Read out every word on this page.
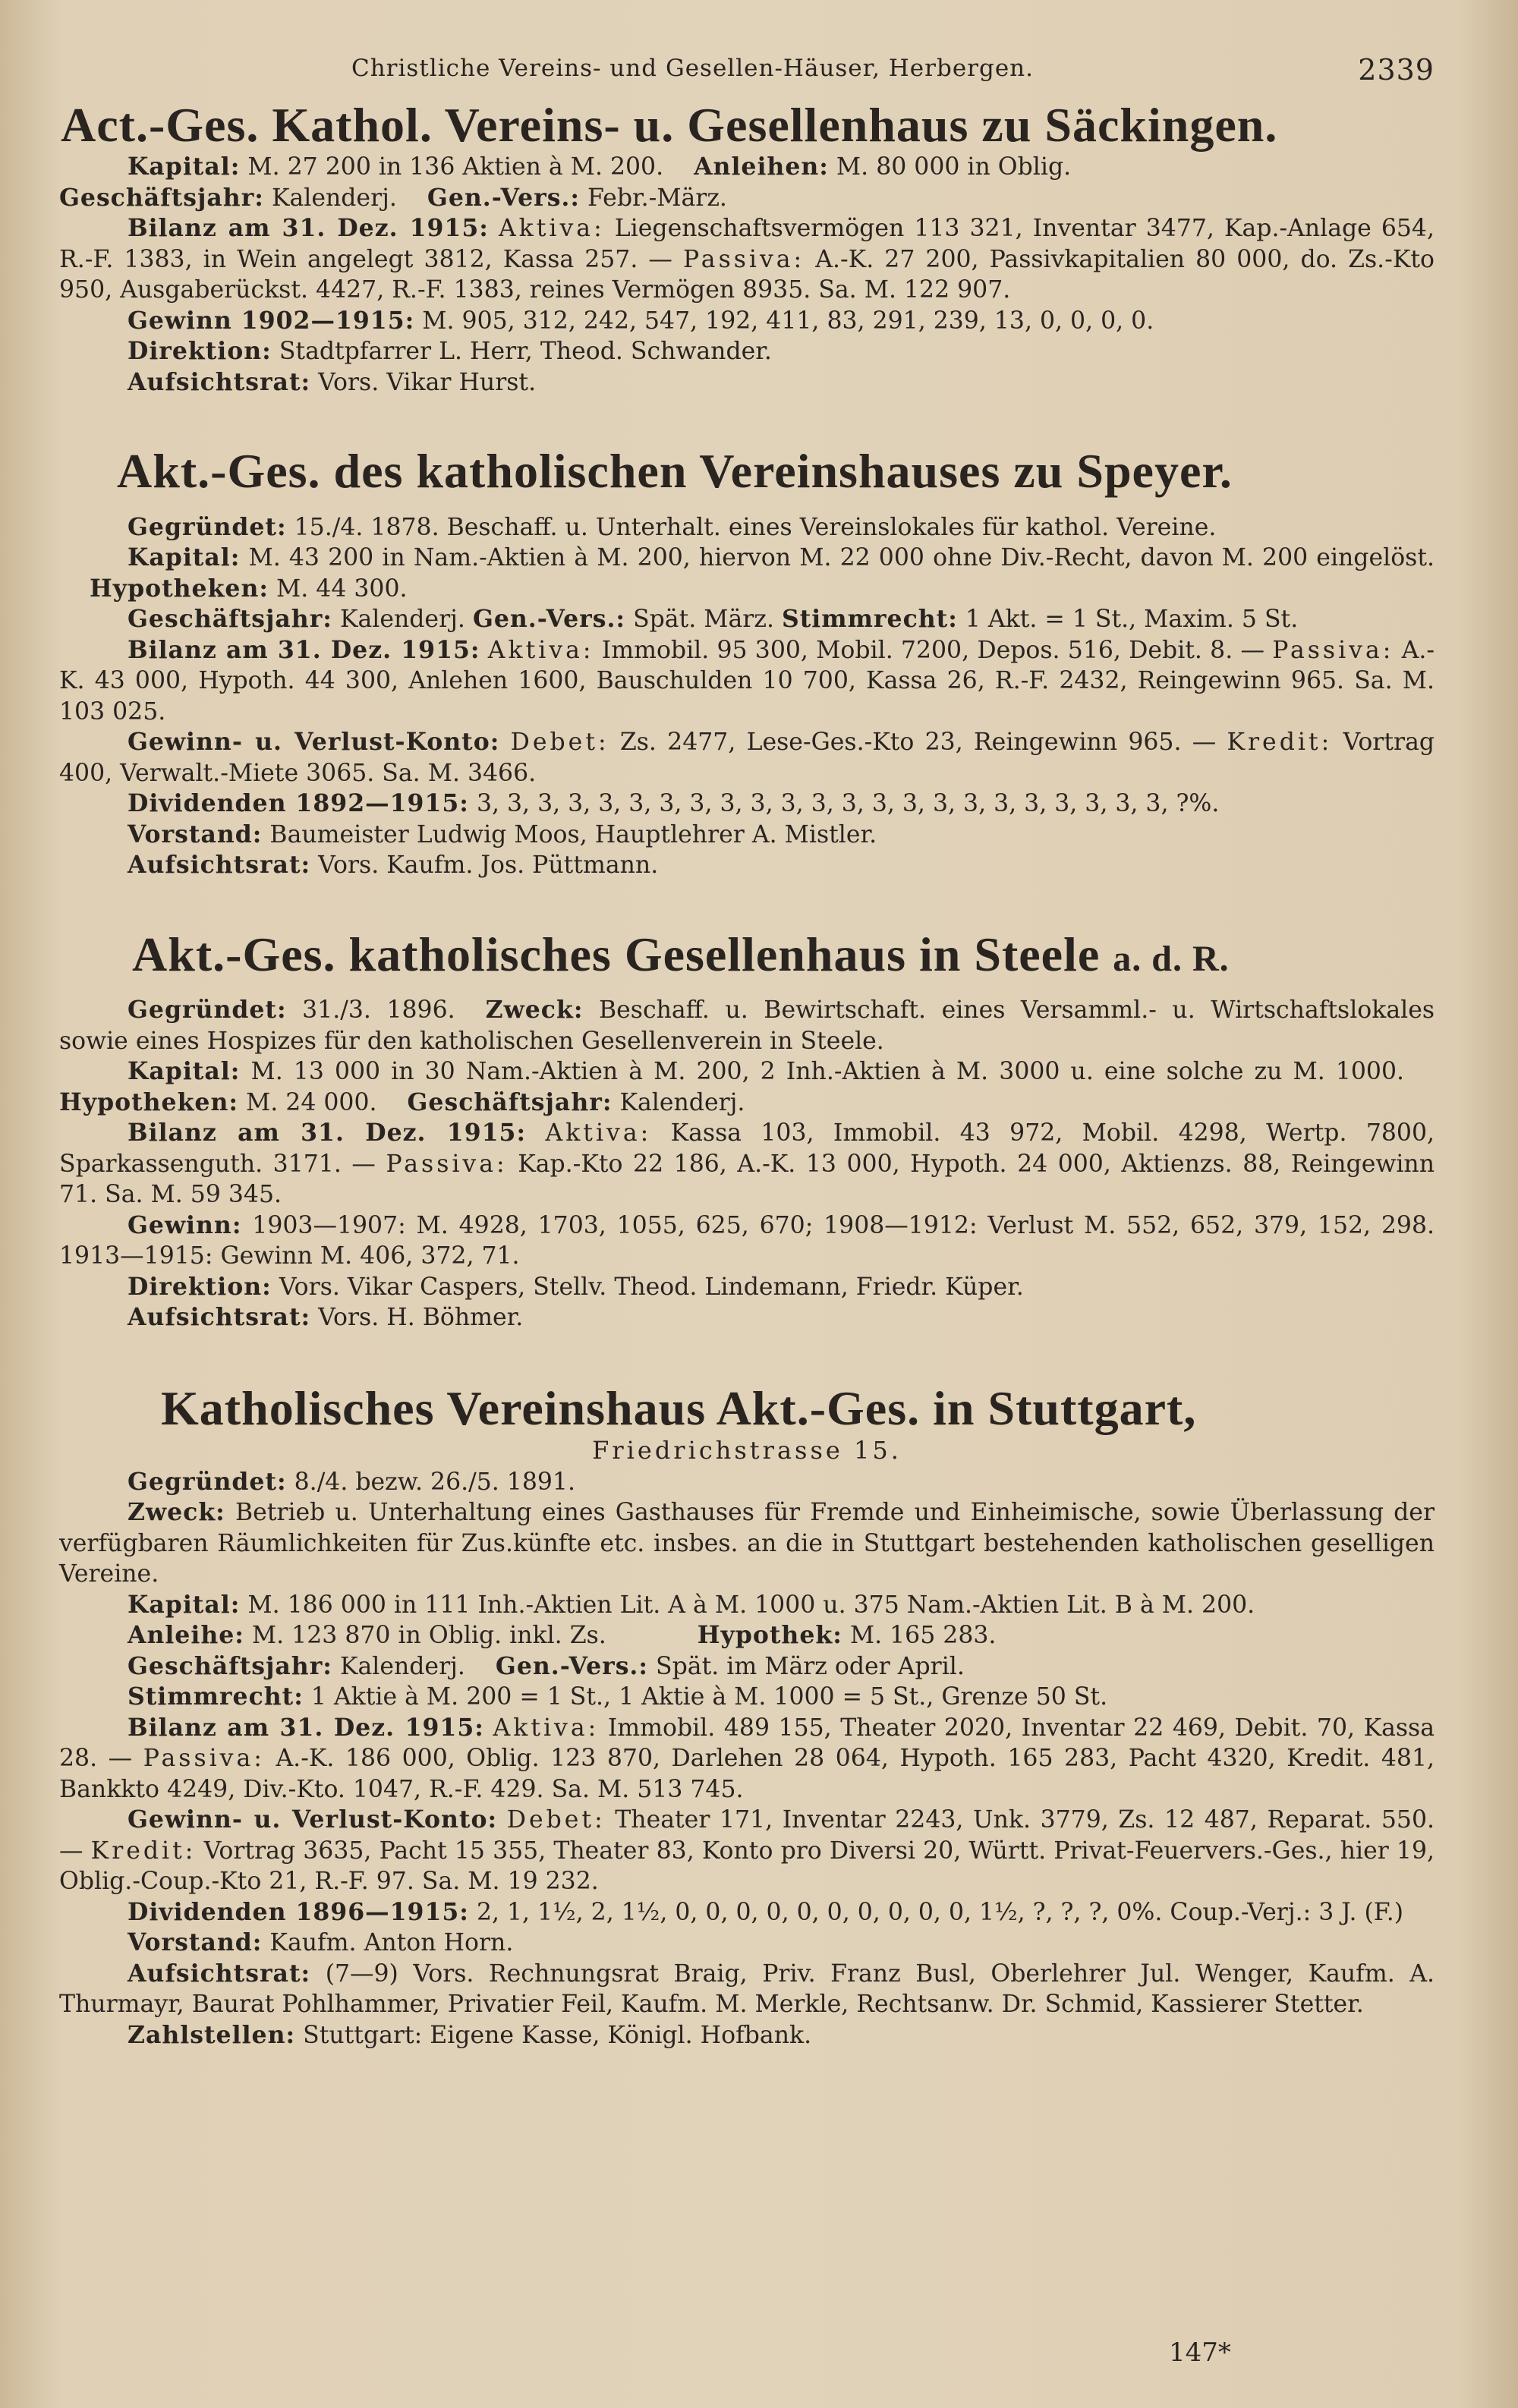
Christliche Vereins- und Gesellen-Häuser, Herbergen.	2339
Act.-Ges. Kathol. Vereins- u. Gesellenhaus zu Säckingen.

Kapital: M. 27 200 in 136 Aktien à M. 200. Anleihen: M. 80 000 in Oblig.
Geschäftsjahr: Kalenderj. Gen.-Vers.: Febr.-März.

Bilanz am 31. Dez. 1915: Aktiva: Liegenschaftsvermögen 113 321, Inventar 3477, Kap.-Anlage 654, R.-F. 1383, in Wein angelegt 3812, Kassa 257. — Passiva: A.-K. 27 200, Passivkapitalien 80 000, do. Zs.-Kto 950, Ausgaberückst. 4427, R.-F. 1383, reines Vermögen 8935. Sa. M. 122 907.

Gewinn 1902—1915: M. 905, 312, 242, 547, 192, 411, 83, 291, 239, 13, 0, 0, 0, 0.

Direktion: Stadtpfarrer L. Herr, Theod. Schwander.

Aufsichtsrat: Vors. Vikar Hurst.

Akt.-Ges. des katholischen Vereinshauses zu Speyer.

Gegründet: 15./4. 1878. Beschaff. u. Unterhalt. eines Vereinslokales für kathol. Vereine.

Kapital: M. 43 200 in Nam.-Aktien à M. 200, hiervon M. 22 000 ohne Div.-Recht, davon M. 200 eingelöst.Hypotheken: M. 44 300.

Geschäftsjahr: Kalenderj. Gen.-Vers.: Spät. März. Stimmrecht: 1 Akt. = 1 St., Maxim. 5 St.

Bilanz am 31. Dez. 1915: Aktiva: Immobil. 95 300, Mobil. 7200, Depos. 516, Debit. 8. — Passiva: A.-K. 43 000, Hypoth. 44 300, Anlehen 1600, Bauschulden 10 700, Kassa 26, R.-F. 2432, Reingewinn 965. Sa. M. 103 025.

Gewinn- u. Verlust-Konto: Debet: Zs. 2477, Lese-Ges.-Kto 23, Reingewinn 965. — Kredit: Vortrag 400, Verwalt.-Miete 3065. Sa. M. 3466.

Dividenden 1892—1915: 3, 3, 3, 3, 3, 3, 3, 3, 3, 3, 3, 3, 3, 3, 3, 3, 3, 3, 3, 3, 3, 3, 3, ?%.

Vorstand: Baumeister Ludwig Moos, Hauptlehrer A. Mistler.

Aufsichtsrat: Vors. Kaufm. Jos. Püttmann.

Akt.-Ges. katholisches Gesellenhaus in Steele a. d. R.

Gegründet: 31./3. 1896. Zweck: Beschaff. u. Bewirtschaft. eines Versamml.- u. Wirtschaftslokales sowie eines Hospizes für den katholischen Gesellenverein in Steele.

Kapital: M. 13 000 in 30 Nam.-Aktien à M. 200, 2 Inh.-Aktien à M. 3000 u. eine solche zu M. 1000.Hypotheken: M. 24 000. Geschäftsjahr: Kalenderj.

Bilanz am 31. Dez. 1915: Aktiva: Kassa 103, Immobil. 43 972, Mobil. 4298, Wertp. 7800, Sparkassenguth. 3171. — Passiva: Kap.-Kto 22 186, A.-K. 13 000, Hypoth. 24 000, Aktienzs. 88, Reingewinn 71. Sa. M. 59 345.

Gewinn: 1903—1907: M. 4928, 1703, 1055, 625, 670; 1908—1912: Verlust M. 552, 652, 379, 152, 298. 1913—1915: Gewinn M. 406, 372, 71.

Direktion: Vors. Vikar Caspers, Stellv. Theod. Lindemann, Friedr. Küper.

Aufsichtsrat: Vors. H. Böhmer.

Katholisches Vereinshaus Akt.-Ges. in Stuttgart,
Friedrichstrasse 15.

Gegründet: 8./4. bezw. 26./5. 1891.

Zweck: Betrieb u. Unterhaltung eines Gasthauses für Fremde und Einheimische, sowie Überlassung der verfügbaren Räumlichkeiten für Zus.künfte etc. insbes. an die in Stuttgart bestehenden katholischen geselligen Vereine.

Kapital: M. 186 000 in 111 Inh.-Aktien Lit. A à M. 1000 u. 375 Nam.-Aktien Lit. B à M. 200.

Anleihe: M. 123 870 in Oblig. inkl. Zs.	Hypothek: M. 165 283.

Geschäftsjahr: Kalenderj. Gen.-Vers.: Spät. im März oder April.

Stimmrecht: 1 Aktie à M. 200 = 1 St., 1 Aktie à M. 1000 = 5 St., Grenze 50 St.

Bilanz am 31. Dez. 1915: Aktiva: Immobil. 489 155, Theater 2020, Inventar 22 469, Debit. 70, Kassa 28. — Passiva: A.-K. 186 000, Oblig. 123 870, Darlehen 28 064, Hypoth. 165 283, Pacht 4320, Kredit. 481, Bankkto 4249, Div.-Kto. 1047, R.-F. 429. Sa. M. 513 745.

Gewinn- u. Verlust-Konto: Debet: Theater 171, Inventar 2243, Unk. 3779, Zs. 12 487, Reparat. 550. — Kredit: Vortrag 3635, Pacht 15 355, Theater 83, Konto pro Diversi 20, Württ. Privat-Feuervers.-Ges., hier 19, Oblig.-Coup.-Kto 21, R.-F. 97. Sa. M. 19 232.

Dividenden 1896—1915: 2, 1, 1½, 2, 1½, 0, 0, 0, 0, 0, 0, 0, 0, 0, 0, 1½, ?, ?, ?, 0%. Coup.-Verj.: 3 J. (F.)

Vorstand: Kaufm. Anton Horn.

Aufsichtsrat: (7—9) Vors. Rechnungsrat Braig, Priv. Franz Busl, Oberlehrer Jul. Wenger, Kaufm. A. Thurmayr, Baurat Pohlhammer, Privatier Feil, Kaufm. M. Merkle, Rechtsanw. Dr. Schmid, Kassierer Stetter.

Zahlstellen: Stuttgart: Eigene Kasse, Königl. Hofbank.

147*
